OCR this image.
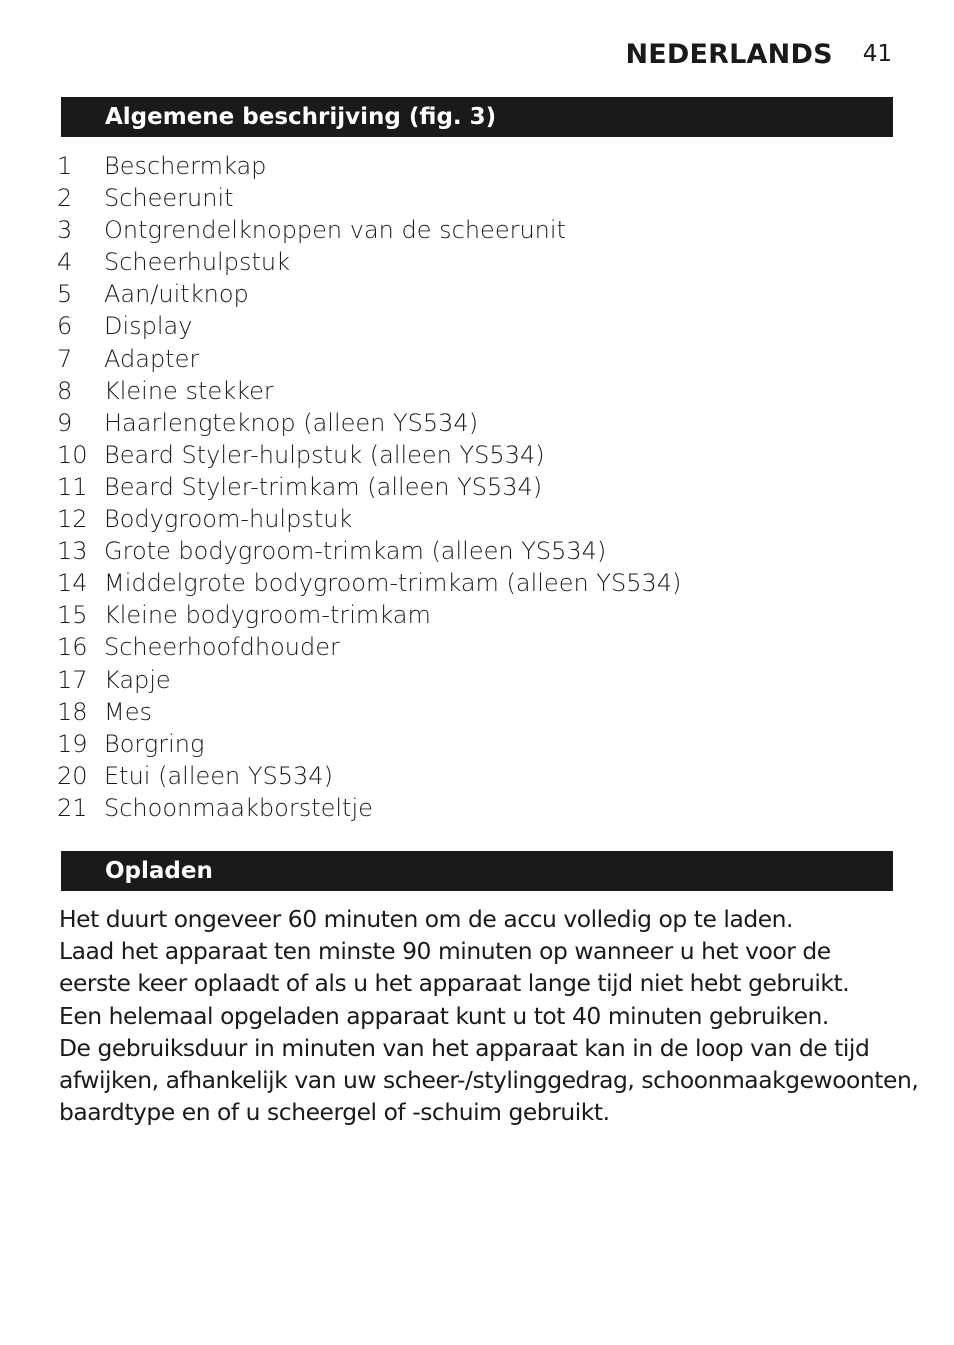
NEDERLANDS 41
Algemene beschrijving (fig. 3)
1	Beschermkap
2	Scheerunit
3	Ontgrendelknoppen van de scheerunit
4	Scheerhulpstuk
5	Aan/uitknop
6	Display
7	Adapter
8	Kleine stekker
9	Haarlengteknop (alleen YS534)
10 Beard Styler-hulpstuk (alleen YS534)
11 Beard Styler-trimkam (alleen YS534)
12 Bodygroom-hulpstuk
13 Grote bodygroom-trimkam (alleen YS534)
14 Middelgrote bodygroom-trimkam (alleen YS534)
15 Kleine bodygroom-trimkam
16 Scheerhoofdhouder
17 Kapje
18 Mes
19 Borgring
20 Etui (alleen YS534)
21 Schoonmaakborsteltje
Opladen
Het duurt ongeveer 60 minuten om de accu volledig op te laden.
Laad het apparaat ten minste 90 minuten op wanneer u het voor de
eerste keer oplaadt of als u het apparaat lange tijd niet hebt gebruikt.
Een helemaal opgeladen apparaat kunt u tot 40 minuten gebruiken.
De gebruiksduur in minuten van het apparaat kan in de loop van de tijd
afwijken, afhankelijk van uw scheer-/stylinggedrag, schoonmaakgewoonten,
baardtype en of u scheergel of -schuim gebruikt.
